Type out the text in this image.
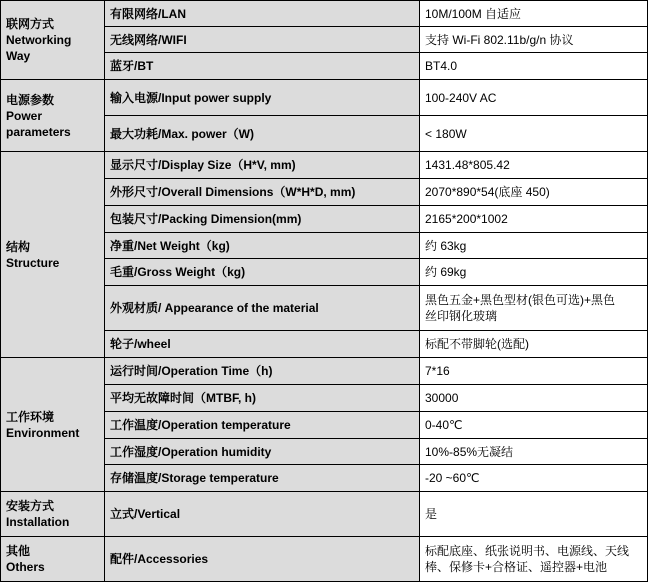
联网方式
Networking
Way	有限网络/LAN	10M/100M 自适应
	无线网络/WIFI	支持 Wi-Fi 802.11b/g/n 协议
	蓝牙/BT	BT4.0

电源参数
Power
parameters	输入电源/Input power supply	100-240V AC
	最大功耗/Max. power（W)	< 180W

结构
Structure	显示尺寸/Display Size（H*V, mm)	1431.48*805.42
	外形尺寸/Overall Dimensions（W*H*D, mm)	2070*890*54(底座 450)
	包装尺寸/Packing Dimension(mm)	2165*200*1002
	净重/Net Weight（kg)	约 63kg
	毛重/Gross Weight（kg)	约 69kg
	外观材质/ Appearance of the material	黑色五金+黑色型材(银色可选)+黑色
丝印钢化玻璃

	轮子/wheel	标配不带脚轮(选配)

工作环境
Environment	运行时间/Operation Time（h)	7*16
	平均无故障时间（MTBF, h)	30000
	工作温度/Operation temperature	0-40℃
	工作湿度/Operation humidity	10%-85%无凝结
	存储温度/Storage temperature	-20 ~60℃

安装方式
Installation	立式/Vertical	是

其他
Others	配件/Accessories	标配底座、纸张说明书、电源线、天线
棒、保修卡+合格证、遥控器+电池
